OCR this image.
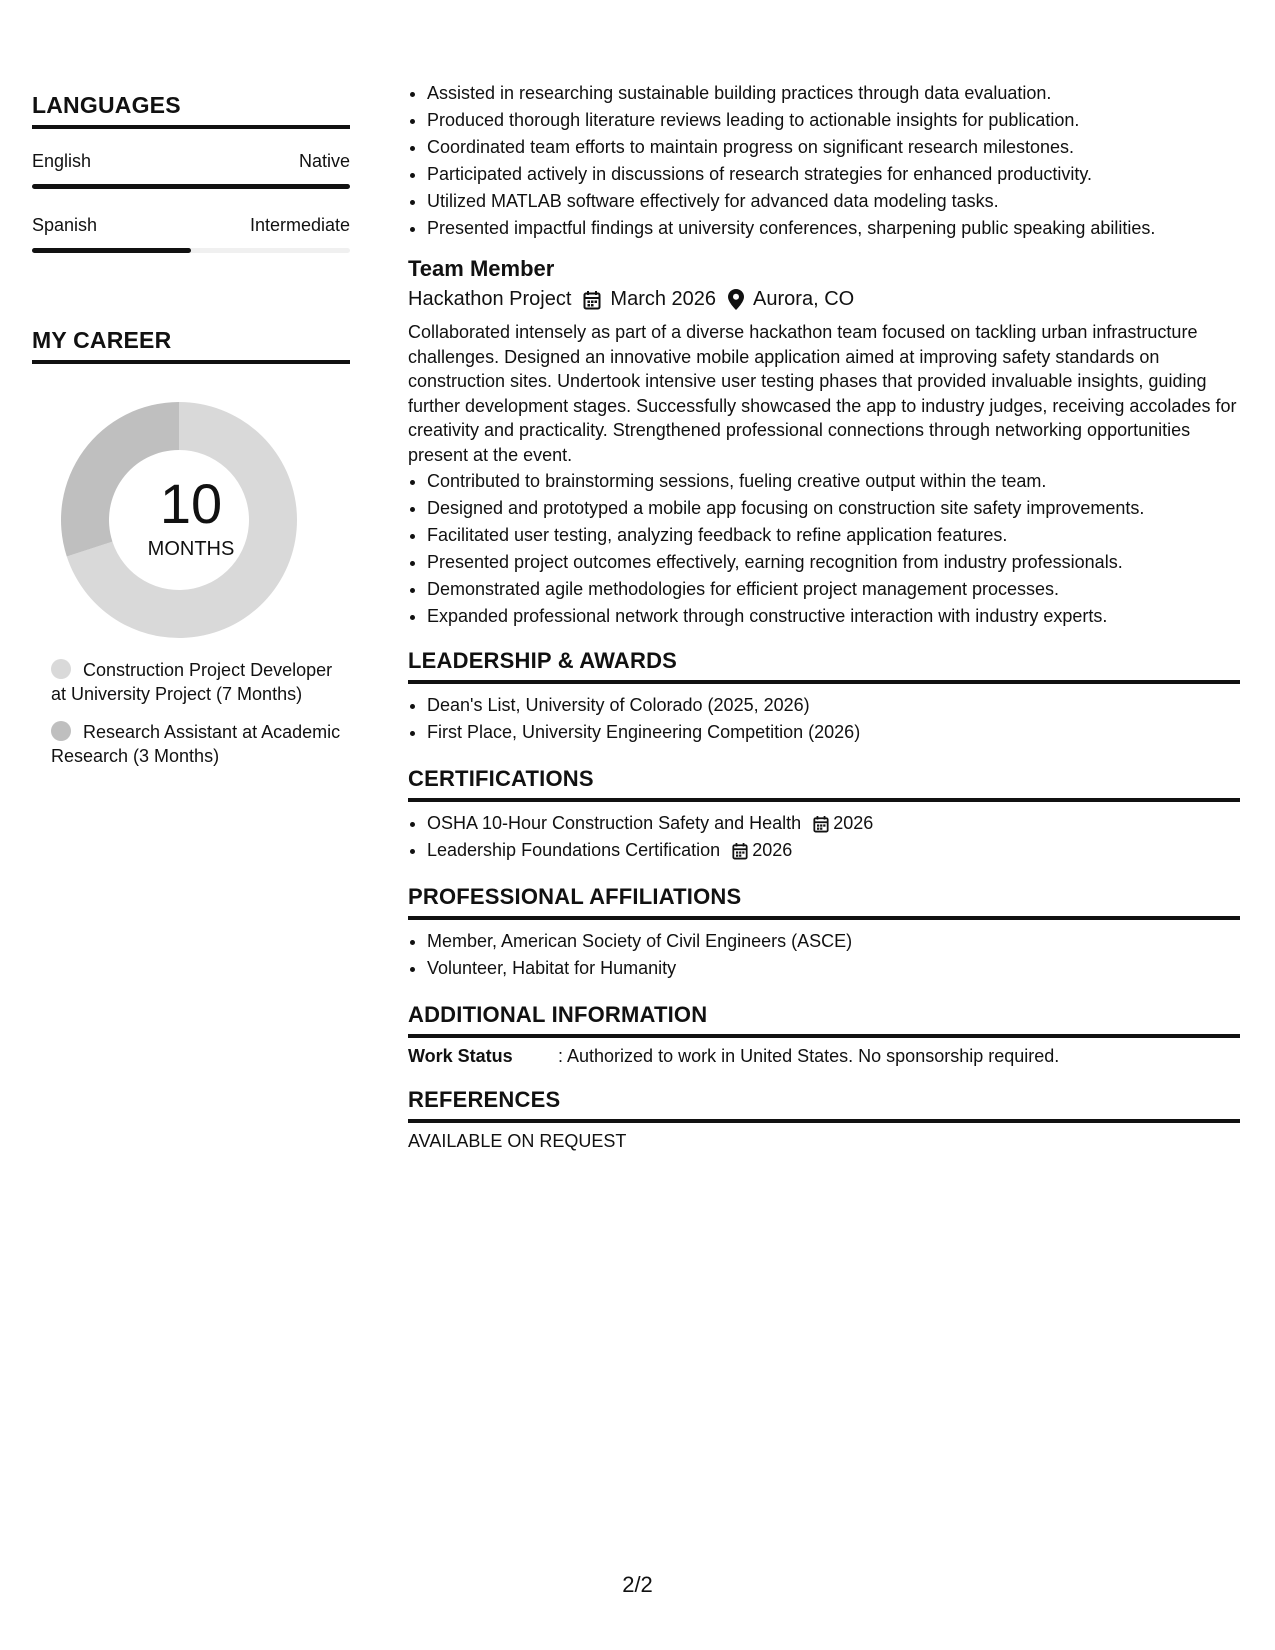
LANGUAGES
English	Native
Spanish	Intermediate
MY CAREER
10
MONTHS
Construction Project Developer at University Project (7 Months)
Research Assistant at Academic Research (3 Months)
• Assisted in researching sustainable building practices through data evaluation.
• Produced thorough literature reviews leading to actionable insights for publication.
• Coordinated team efforts to maintain progress on significant research milestones.
• Participated actively in discussions of research strategies for enhanced productivity.
• Utilized MATLAB software effectively for advanced data modeling tasks.
• Presented impactful findings at university conferences, sharpening public speaking abilities.
Team Member
Hackathon Project March 2026 Aurora, CO
Collaborated intensely as part of a diverse hackathon team focused on tackling urban infrastructure challenges. Designed an innovative mobile application aimed at improving safety standards on construction sites. Undertook intensive user testing phases that provided invaluable insights, guiding further development stages. Successfully showcased the app to industry judges, receiving accolades for creativity and practicality. Strengthened professional connections through networking opportunities present at the event.
• Contributed to brainstorming sessions, fueling creative output within the team.
• Designed and prototyped a mobile app focusing on construction site safety improvements.
• Facilitated user testing, analyzing feedback to refine application features.
• Presented project outcomes effectively, earning recognition from industry professionals.
• Demonstrated agile methodologies for efficient project management processes.
• Expanded professional network through constructive interaction with industry experts.
LEADERSHIP & AWARDS
• Dean's List, University of Colorado (2025, 2026)
• First Place, University Engineering Competition (2026)
CERTIFICATIONS
• OSHA 10-Hour Construction Safety and Health 2026
• Leadership Foundations Certification 2026
PROFESSIONAL AFFILIATIONS
• Member, American Society of Civil Engineers (ASCE)
• Volunteer, Habitat for Humanity
ADDITIONAL INFORMATION
Work Status	: Authorized to work in United States. No sponsorship required.
REFERENCES
AVAILABLE ON REQUEST
2/2
